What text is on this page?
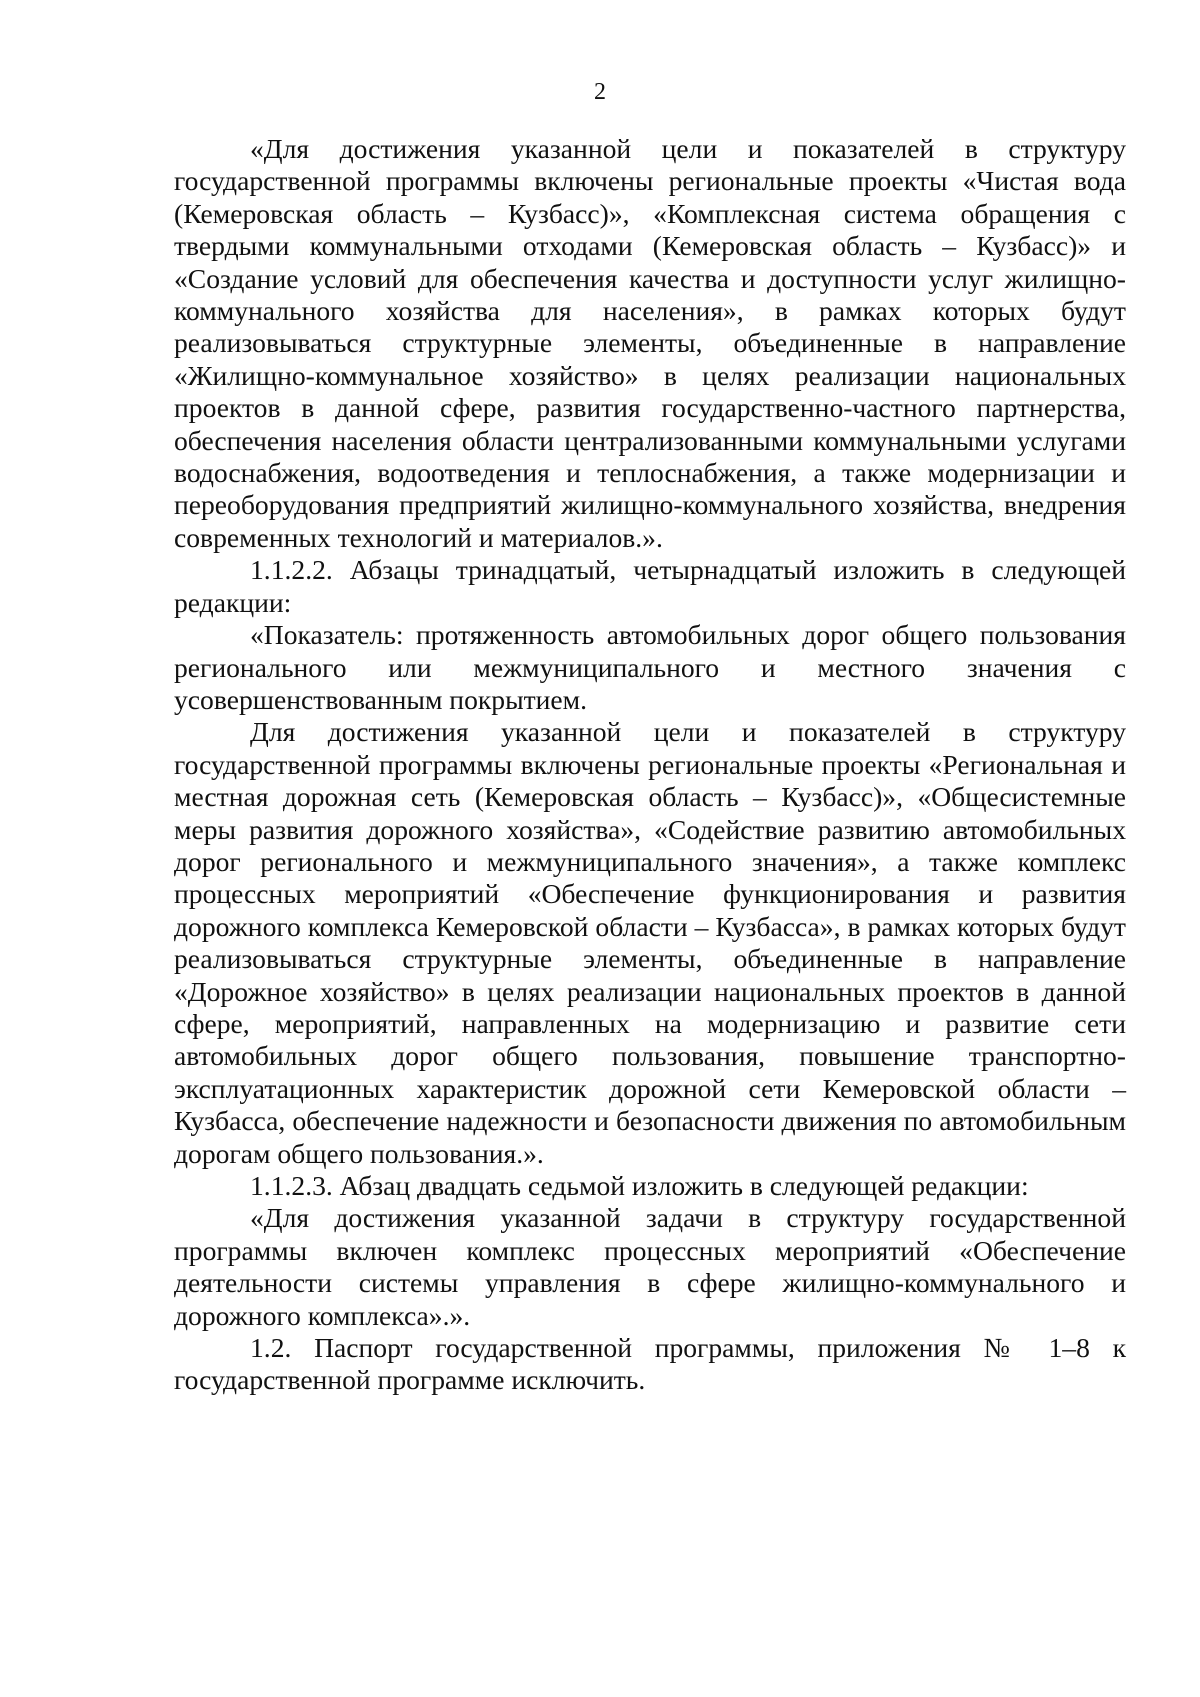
2

«Для достижения указанной цели и показателей в структуру государственной программы включены региональные проекты «Чистая вода (Кемеровская область – Кузбасс)», «Комплексная система обращения с твердыми коммунальными отходами (Кемеровская область – Кузбасс)» и «Создание условий для обеспечения качества и доступности услуг жилищно-коммунального хозяйства для населения», в рамках которых будут реализовываться структурные элементы, объединенные в направление «Жилищно-коммунальное хозяйство» в целях реализации национальных проектов в данной сфере, развития государственно-частного партнерства, обеспечения населения области централизованными коммунальными услугами водоснабжения, водоотведения и теплоснабжения, а также модернизации и переоборудования предприятий жилищно-коммунального хозяйства, внедрения современных технологий и материалов.».

1.1.2.2. Абзацы тринадцатый, четырнадцатый изложить в следующей редакции:

«Показатель: протяженность автомобильных дорог общего пользования регионального или межмуниципального и местного значения с усовершенствованным покрытием.

Для достижения указанной цели и показателей в структуру государственной программы включены региональные проекты «Региональная и местная дорожная сеть (Кемеровская область – Кузбасс)», «Общесистемные меры развития дорожного хозяйства», «Содействие развитию автомобильных дорог регионального и межмуниципального значения», а также комплекс процессных мероприятий «Обеспечение функционирования и развития дорожного комплекса Кемеровской области – Кузбасса», в рамках которых будут реализовываться структурные элементы, объединенные в направление «Дорожное хозяйство» в целях реализации национальных проектов в данной сфере, мероприятий, направленных на модернизацию и развитие сети автомобильных дорог общего пользования, повышение транспортно-эксплуатационных характеристик дорожной сети Кемеровской области – Кузбасса, обеспечение надежности и безопасности движения по автомобильным дорогам общего пользования.».

1.1.2.3. Абзац двадцать седьмой изложить в следующей редакции:

«Для достижения указанной задачи в структуру государственной программы включен комплекс процессных мероприятий «Обеспечение деятельности системы управления в сфере жилищно-коммунального и дорожного комплекса».».

1.2. Паспорт государственной программы, приложения № 1–8 к государственной программе исключить.
